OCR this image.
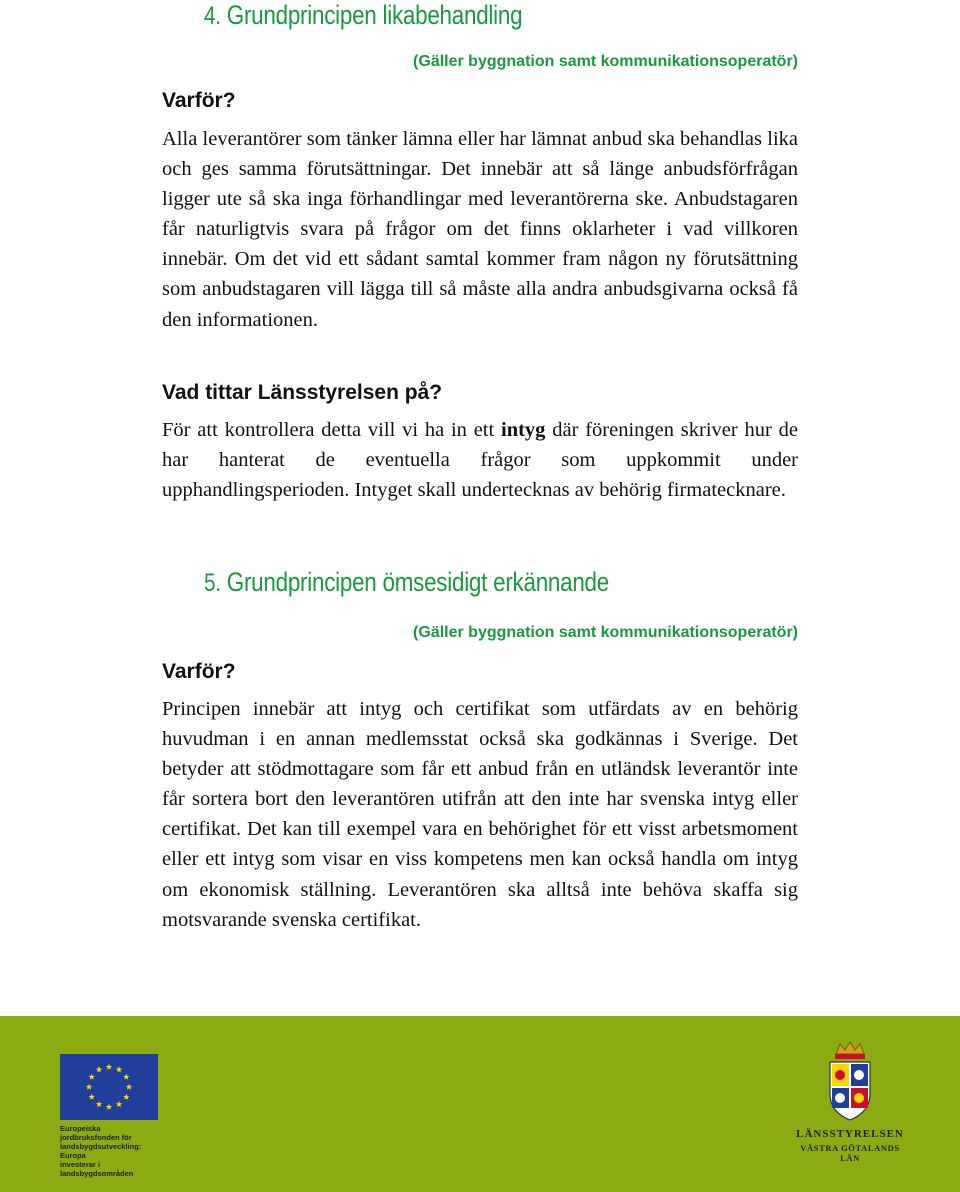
4. Grundprincipen likabehandling
(Gäller byggnation samt kommunikationsoperatör)
Varför?

Alla leverantörer som tänker lämna eller har lämnat anbud ska behandlas lika och ges samma förutsättningar. Det innebär att så länge anbudsförfrågan ligger ute så ska inga förhandlingar med leverantörerna ske. Anbudstagaren får naturligtvis svara på frågor om det finns oklarheter i vad villkoren innebär. Om det vid ett sådant samtal kommer fram någon ny förutsättning som anbudstagaren vill lägga till så måste alla andra anbudsgivarna också få den informationen.

Vad tittar Länsstyrelsen på?

För att kontrollera detta vill vi ha in ett intyg där föreningen skriver hur de har hanterat de eventuella frågor som uppkommit under upphandlingsperioden. Intyget skall undertecknas av behörig firmatecknare.

5. Grundprincipen ömsesidigt erkännande
(Gäller byggnation samt kommunikationsoperatör)
Varför?

Principen innebär att intyg och certifikat som utfärdats av en behörig huvudman i en annan medlemsstat också ska godkännas i Sverige. Det betyder att stödmottagare som får ett anbud från en utländsk leverantör inte får sortera bort den leverantören utifrån att den inte har svenska intyg eller certifikat. Det kan till exempel vara en behörighet för ett visst arbetsmoment eller ett intyg som visar en viss kompetens men kan också handla om intyg om ekonomisk ställning. Leverantören ska alltså inte behöva skaffa sig motsvarande svenska certifikat.

Europeiska jordbruksfonden för
landsbygdsutveckling: Europa
investerar i landsbygdsområden
LÄNSSTYRELSEN
VÄSTRA GÖTALANDS LÄN
